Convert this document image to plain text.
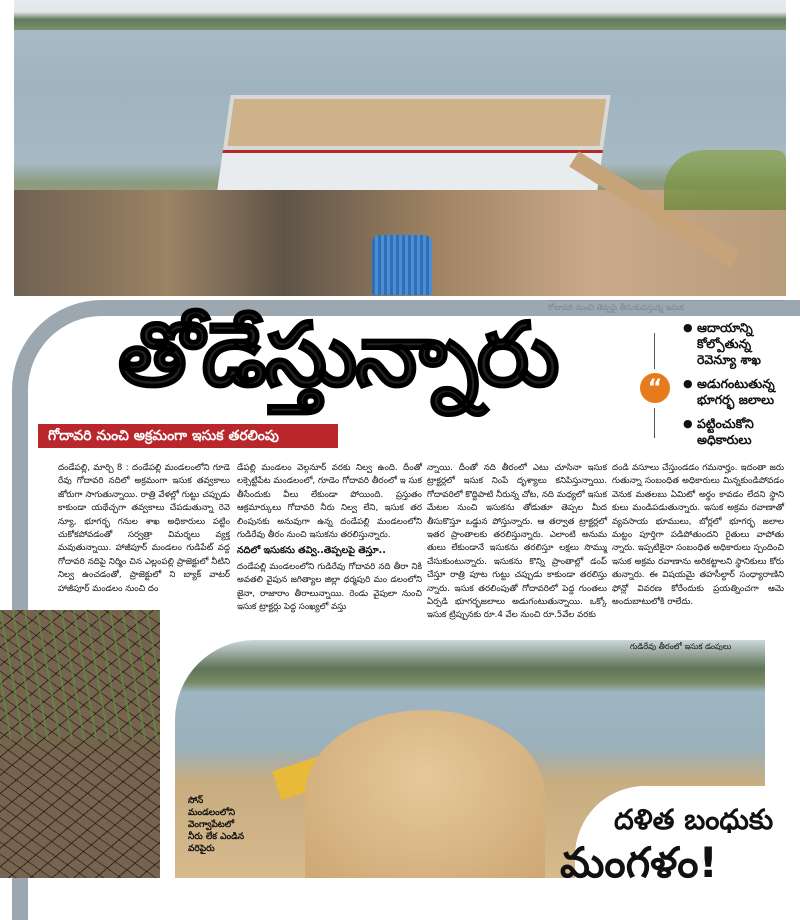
గోదావరి నుంచి తెప్పపై తీసుకువస్తున్న ఇసుక
తోడేస్తున్నారు
గోదావరి నుంచి అక్రమంగా ఇసుక తరలింపు
“
● ఆదాయాన్ని కోల్పోతున్న రెవెన్యూ శాఖ
● అడుగంటుతున్న భూగర్భ జలాలు
● పట్టించుకోని అధికారులు
దండేపల్లి, మార్చి 8 : దండేపల్లి మండలంలోని గూడె రేవు గోదావరి నదిలో అక్రమంగా ఇసుక తవ్వకాలు జోరుగా సాగుతున్నాయి. రాత్రి వేళల్లో గుట్టు చప్పుడు కాకుండా యథేచ్ఛగా తవ్వకాలు చేపడుతున్నా రెవె న్యూ, భూగర్భ గనుల శాఖ అధికారులు పట్టిం చుకోకపోవడంతో సర్వత్రా విమర్శలు వ్యక్త మవుతున్నాయి. హాజీపూర్ మండలం గుడిపేట్ వద్ద గోదావరి నదిపై నిర్మిం చిన ఎల్లంపల్లి ప్రాజెక్టులో నీటిని నిల్వ ఉంచడంతో, ప్రాజెక్టులో ని బ్యాక్ వాటర్ హాజీపూర్ మండలం నుంచి దం
డేపల్లి మండలం వెల్గనూర్ వరకు నిల్వ ఉంది. దీంతో లక్సెట్టిపేట మండలంలో, గూడెం గోదావరి తీరంలో ఇ సుక తీసేందుకు వీలు లేకుండా పోయింది. ప్రస్తుతం ఆక్రమార్కులు గోదావరి నీరు నిల్వ లేని, ఇసుక తర లింపునకు అనువుగా ఉన్న దండేపల్లి మండలంలోని గుడిరేవు తీరం నుంచి ఇసుకను తరలిస్తున్నారు.
నదిలో ఇసుకను తవ్వి..తెప్పలపై తెస్తూ..
దండేపల్లి మండలంలోని గుడిరేవు గోదావరి నది తీరా నికి అవతలి వైపున జగిత్యాల జిల్లా ధర్మపురి మం డలంలోని జైనా, రాజారాం తీరాలున్నాయి. రెండు వైపులా నుంచి ఇసుక ట్రాక్టర్లు పెద్ద సంఖ్యలో వస్తు
న్నాయి. దీంతో నది తీరంలో ఎటు చూసినా ఇసుక ట్రాక్టర్లలో ఇసుక నింపే దృశ్యాలు కనిపిస్తున్నాయి. గోదావరిలో కొద్దిపాటి నీరున్న చోట, నది మధ్యలో ఇసుక మేటల నుంచి ఇసుకను తోడుతూ తెప్పల మీద తీసుకొస్తూ ఒడ్డున పోస్తున్నారు. ఆ తర్వాత ట్రాక్టర్లలో ఇతర ప్రాంతాలకు తరలిస్తున్నారు. ఎలాంటి అనుమ తులు లేకుండానే ఇసుకను తరలిస్తూ లక్షలు సొమ్ము చేసుకుంటున్నారు. ఇసుకను కొన్ని ప్రాంతాల్లో డంప్ చేస్తూ రాత్రి పూట గుట్టు చప్పుడు కాకుండా తరలిస్తు న్నారు. ఇసుక తరలింపుతో గోదావరిలో పెద్ద గుంతలు ఏర్పడి భూగర్భజలాలు అడుగంటుతున్నాయి. ఒక్కో ఇసుక ట్రిప్పునకు రూ.4 వేల నుంచి రూ.5వేల వరకు
దండి వసూలు చేస్తుండడం గమనార్హం. ఇదంతా జరు గుతున్నా సంబంధిత అధికారులు మిన్నకుండిపోవడం వెనుక మతలబు ఏమిటో అర్థం కావడం లేదని స్థాని కులు మండిపడుతున్నారు. ఇసుక అక్రమ రవాణాతో వ్యవసాయ భూములు, బోర్లలో భూగర్భ జలాల మట్టం పూర్తిగా పడిపోతుందని రైతులు వాపోతు న్నారు. ఇప్పటికైనా సంబంధిత అధికారులు స్పందించి ఇసుక అక్రమ రవాణాను అరికట్టాలని స్థానికులు కోరు తున్నారు. ఈ విషయమై తహసీల్దార్ సంధ్యారాణిని ఫోన్లో వివరణ కోరేందుకు ప్రయత్నించగా ఆమె అందుబాటులోకి రాలేదు.
గుడిరేవు తీరంలో ఇసుక డంపులు
సోన్ మండలంలోని వెంగ్వాపేటలో నీరు లేక ఎండిన వరిపైరు
దళిత బంధుకు
మంగళం!
